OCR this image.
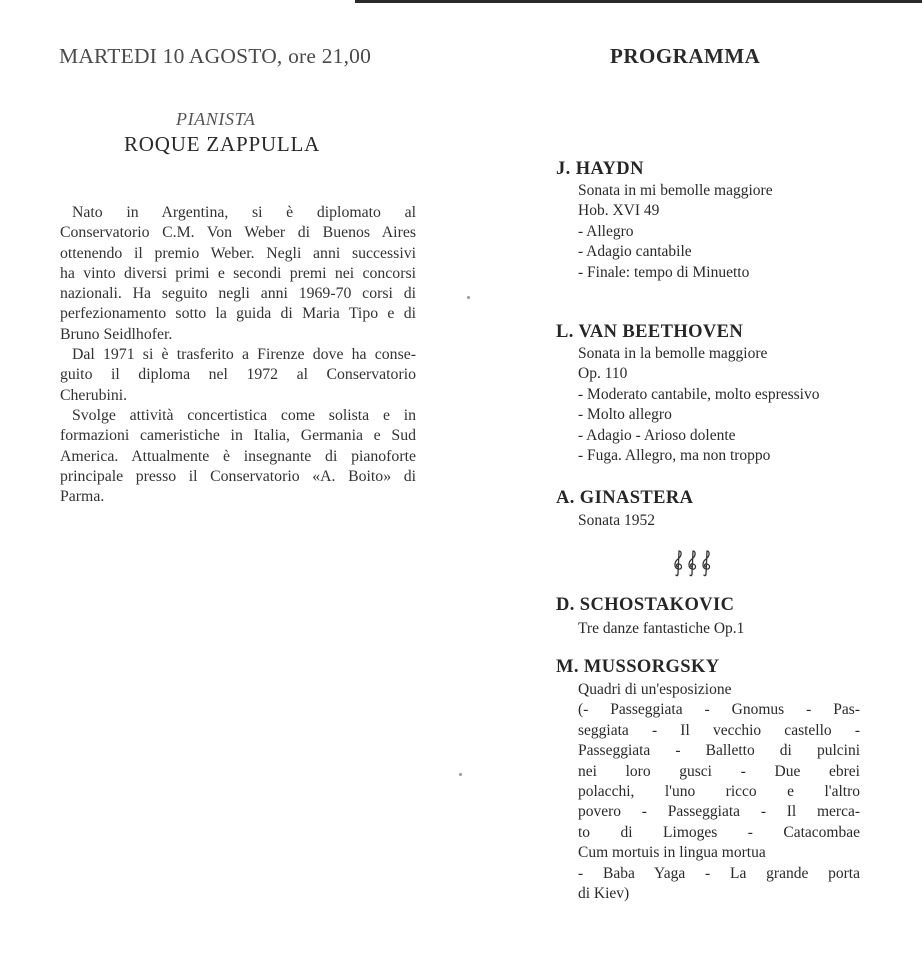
MARTEDI 10 AGOSTO, ore 21,00	PROGRAMMA
PIANISTA
ROQUE ZAPPULLA
Nato in Argentina, si è diplomato al
Conservatorio C.M. Von Weber di Buenos Aires
ottenendo il premio Weber. Negli anni successivi
ha vinto diversi primi e secondi premi nei concorsi
nazionali. Ha seguito negli anni 1969-70 corsi di
perfezionamento sotto la guida di Maria Tipo e di
Bruno Seidlhofer.
Dal 1971 si è trasferito a Firenze dove ha conse-
guito il diploma nel 1972 al Conservatorio
Cherubini.
Svolge attività concertistica come solista e in
formazioni cameristiche in Italia, Germania e Sud
America. Attualmente è insegnante di pianoforte
principale presso il Conservatorio «A. Boito» di
Parma.
J. HAYDN
Sonata in mi bemolle maggiore
Hob. XVI 49
- Allegro
- Adagio cantabile
- Finale: tempo di Minuetto
L. VAN BEETHOVEN
Sonata in la bemolle maggiore
Op. 110
- Moderato cantabile, molto espressivo
- Molto allegro
- Adagio - Arioso dolente
- Fuga. Allegro, ma non troppo
A. GINASTERA
Sonata 1952
D. SCHOSTAKOVIC
Tre danze fantastiche Op.1
M. MUSSORGSKY
Quadri di un'esposizione
(- Passeggiata - Gnomus - Pas-
seggiata - Il vecchio castello -
Passeggiata - Balletto di pulcini
nei loro gusci - Due ebrei
polacchi, l'uno ricco e l'altro
povero - Passeggiata - Il merca-
to di Limoges - Catacombae
Cum mortuis in lingua mortua
- Baba Yaga - La grande porta
di Kiev)
